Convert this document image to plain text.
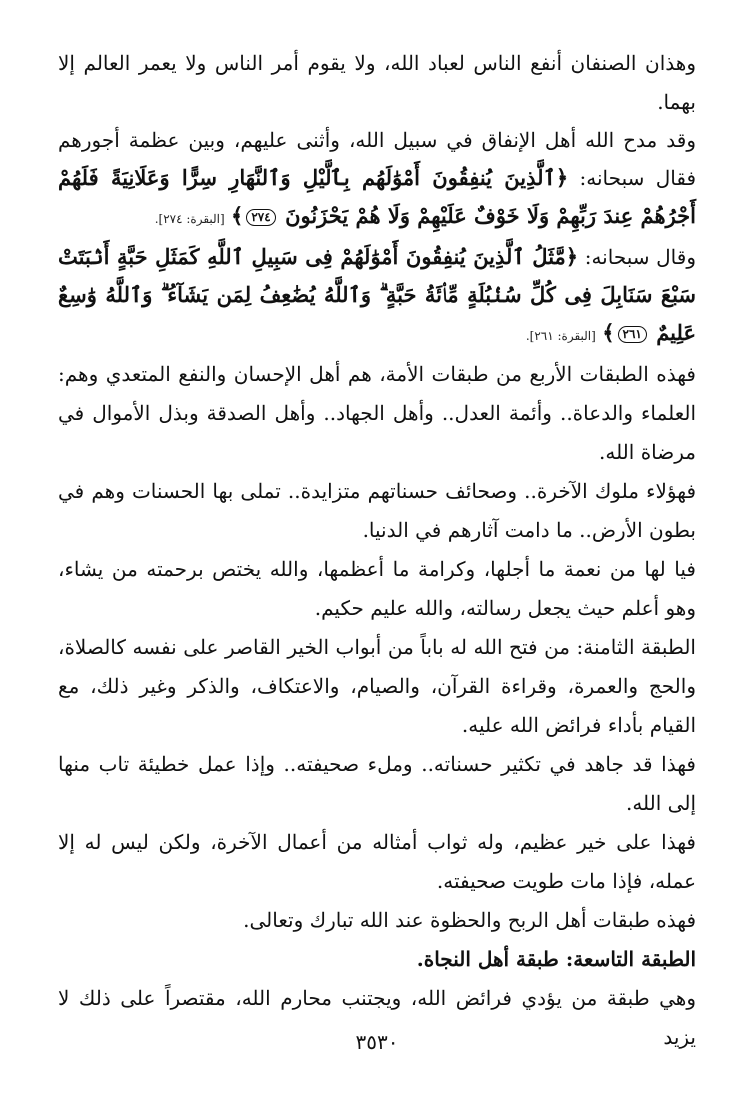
وهذان الصنفان أنفع الناس لعباد الله، ولا يقوم أمر الناس ولا يعمر العالم إلا بهما.

وقد مدح الله أهل الإنفاق في سبيل الله، وأثنى عليهم، وبين عظمة أجورهم فقال سبحانه: ﴿ٱلَّذِينَ يُنفِقُونَ أَمْوَٰلَهُم بِٱلَّيْلِ وَٱلنَّهَارِ سِرًّا وَعَلَانِيَةً فَلَهُمْ أَجْرُهُمْ عِندَ رَبِّهِمْ وَلَا خَوْفٌ عَلَيْهِمْ وَلَا هُمْ يَحْزَنُونَ ٢٧٤﴾ [البقرة: ٢٧٤].
وقال سبحانه: ﴿مَّثَلُ ٱلَّذِينَ يُنفِقُونَ أَمْوَٰلَهُمْ فِى سَبِيلِ ٱللَّهِ كَمَثَلِ حَبَّةٍ أَنۢبَتَتْ سَبْعَ سَنَابِلَ فِى كُلِّ سُنۢبُلَةٍ مِّا۟ئَةُ حَبَّةٍ ۗ وَٱللَّهُ يُضَٰعِفُ لِمَن يَشَآءُ ۗ وَٱللَّهُ وَٰسِعٌ عَلِيمٌ ٢٦١﴾ [البقرة: ٢٦١].

فهذه الطبقات الأربع من طبقات الأمة، هم أهل الإحسان والنفع المتعدي وهم: العلماء والدعاة.. وأئمة العدل.. وأهل الجهاد.. وأهل الصدقة وبذل الأموال في مرضاة الله.

فهؤلاء ملوك الآخرة.. وصحائف حسناتهم متزايدة.. تملى بها الحسنات وهم في بطون الأرض.. ما دامت آثارهم في الدنيا.

فيا لها من نعمة ما أجلها، وكرامة ما أعظمها، والله يختص برحمته من يشاء، وهو أعلم حيث يجعل رسالته، والله عليم حكيم.

الطبقة الثامنة: من فتح الله له باباً من أبواب الخير القاصر على نفسه كالصلاة، والحج والعمرة، وقراءة القرآن، والصيام، والاعتكاف، والذكر وغير ذلك، مع القيام بأداء فرائض الله عليه.

فهذا قد جاهد في تكثير حسناته.. وملء صحيفته.. وإذا عمل خطيئة تاب منها إلى الله.

فهذا على خير عظيم، وله ثواب أمثاله من أعمال الآخرة، ولكن ليس له إلا عمله، فإذا مات طويت صحيفته.

فهذه طبقات أهل الربح والحظوة عند الله تبارك وتعالى.

الطبقة التاسعة: طبقة أهل النجاة.

وهي طبقة من يؤدي فرائض الله، ويجتنب محارم الله، مقتصراً على ذلك لا يزيد

٣٥٣٠
